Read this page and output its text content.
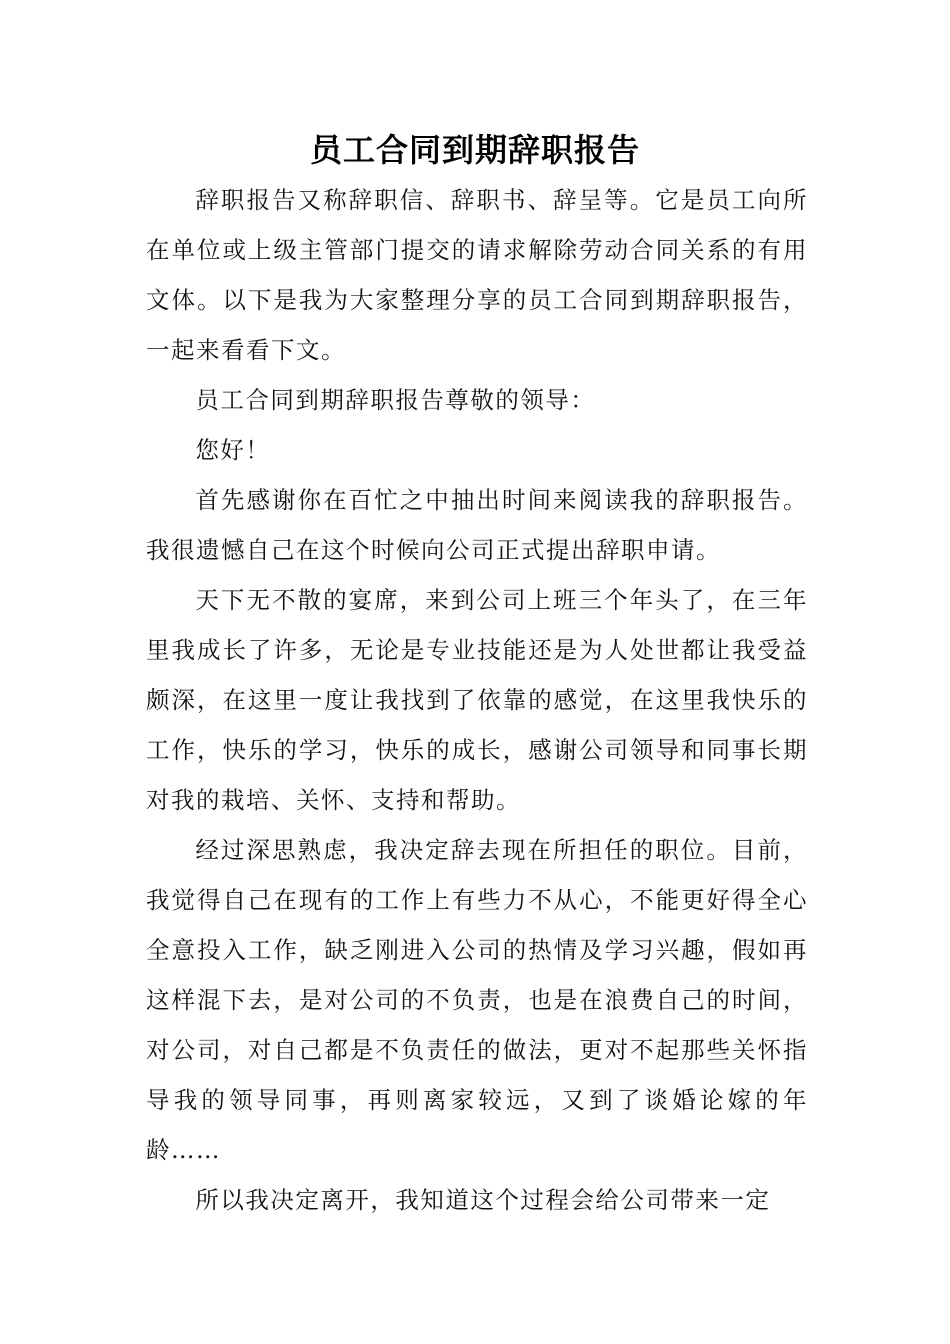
员工合同到期辞职报告

辞职报告又称辞职信、辞职书、辞呈等。它是员工向所在单位或上级主管部门提交的请求解除劳动合同关系的有用文体。以下是我为大家整理分享的员工合同到期辞职报告，一起来看看下文。

员工合同到期辞职报告尊敬的领导：

您好！

首先感谢你在百忙之中抽出时间来阅读我的辞职报告。我很遗憾自己在这个时候向公司正式提出辞职申请。

天下无不散的宴席，来到公司上班三个年头了，在三年里我成长了许多，无论是专业技能还是为人处世都让我受益颇深，在这里一度让我找到了依靠的感觉，在这里我快乐的工作，快乐的学习，快乐的成长，感谢公司领导和同事长期对我的栽培、关怀、支持和帮助。

经过深思熟虑，我决定辞去现在所担任的职位。目前，我觉得自己在现有的工作上有些力不从心，不能更好得全心全意投入工作，缺乏刚进入公司的热情及学习兴趣，假如再这样混下去，是对公司的不负责，也是在浪费自己的时间，对公司，对自己都是不负责任的做法，更对不起那些关怀指导我的领导同事，再则离家较远，又到了谈婚论嫁的年龄……

所以我决定离开，我知道这个过程会给公司带来一定
